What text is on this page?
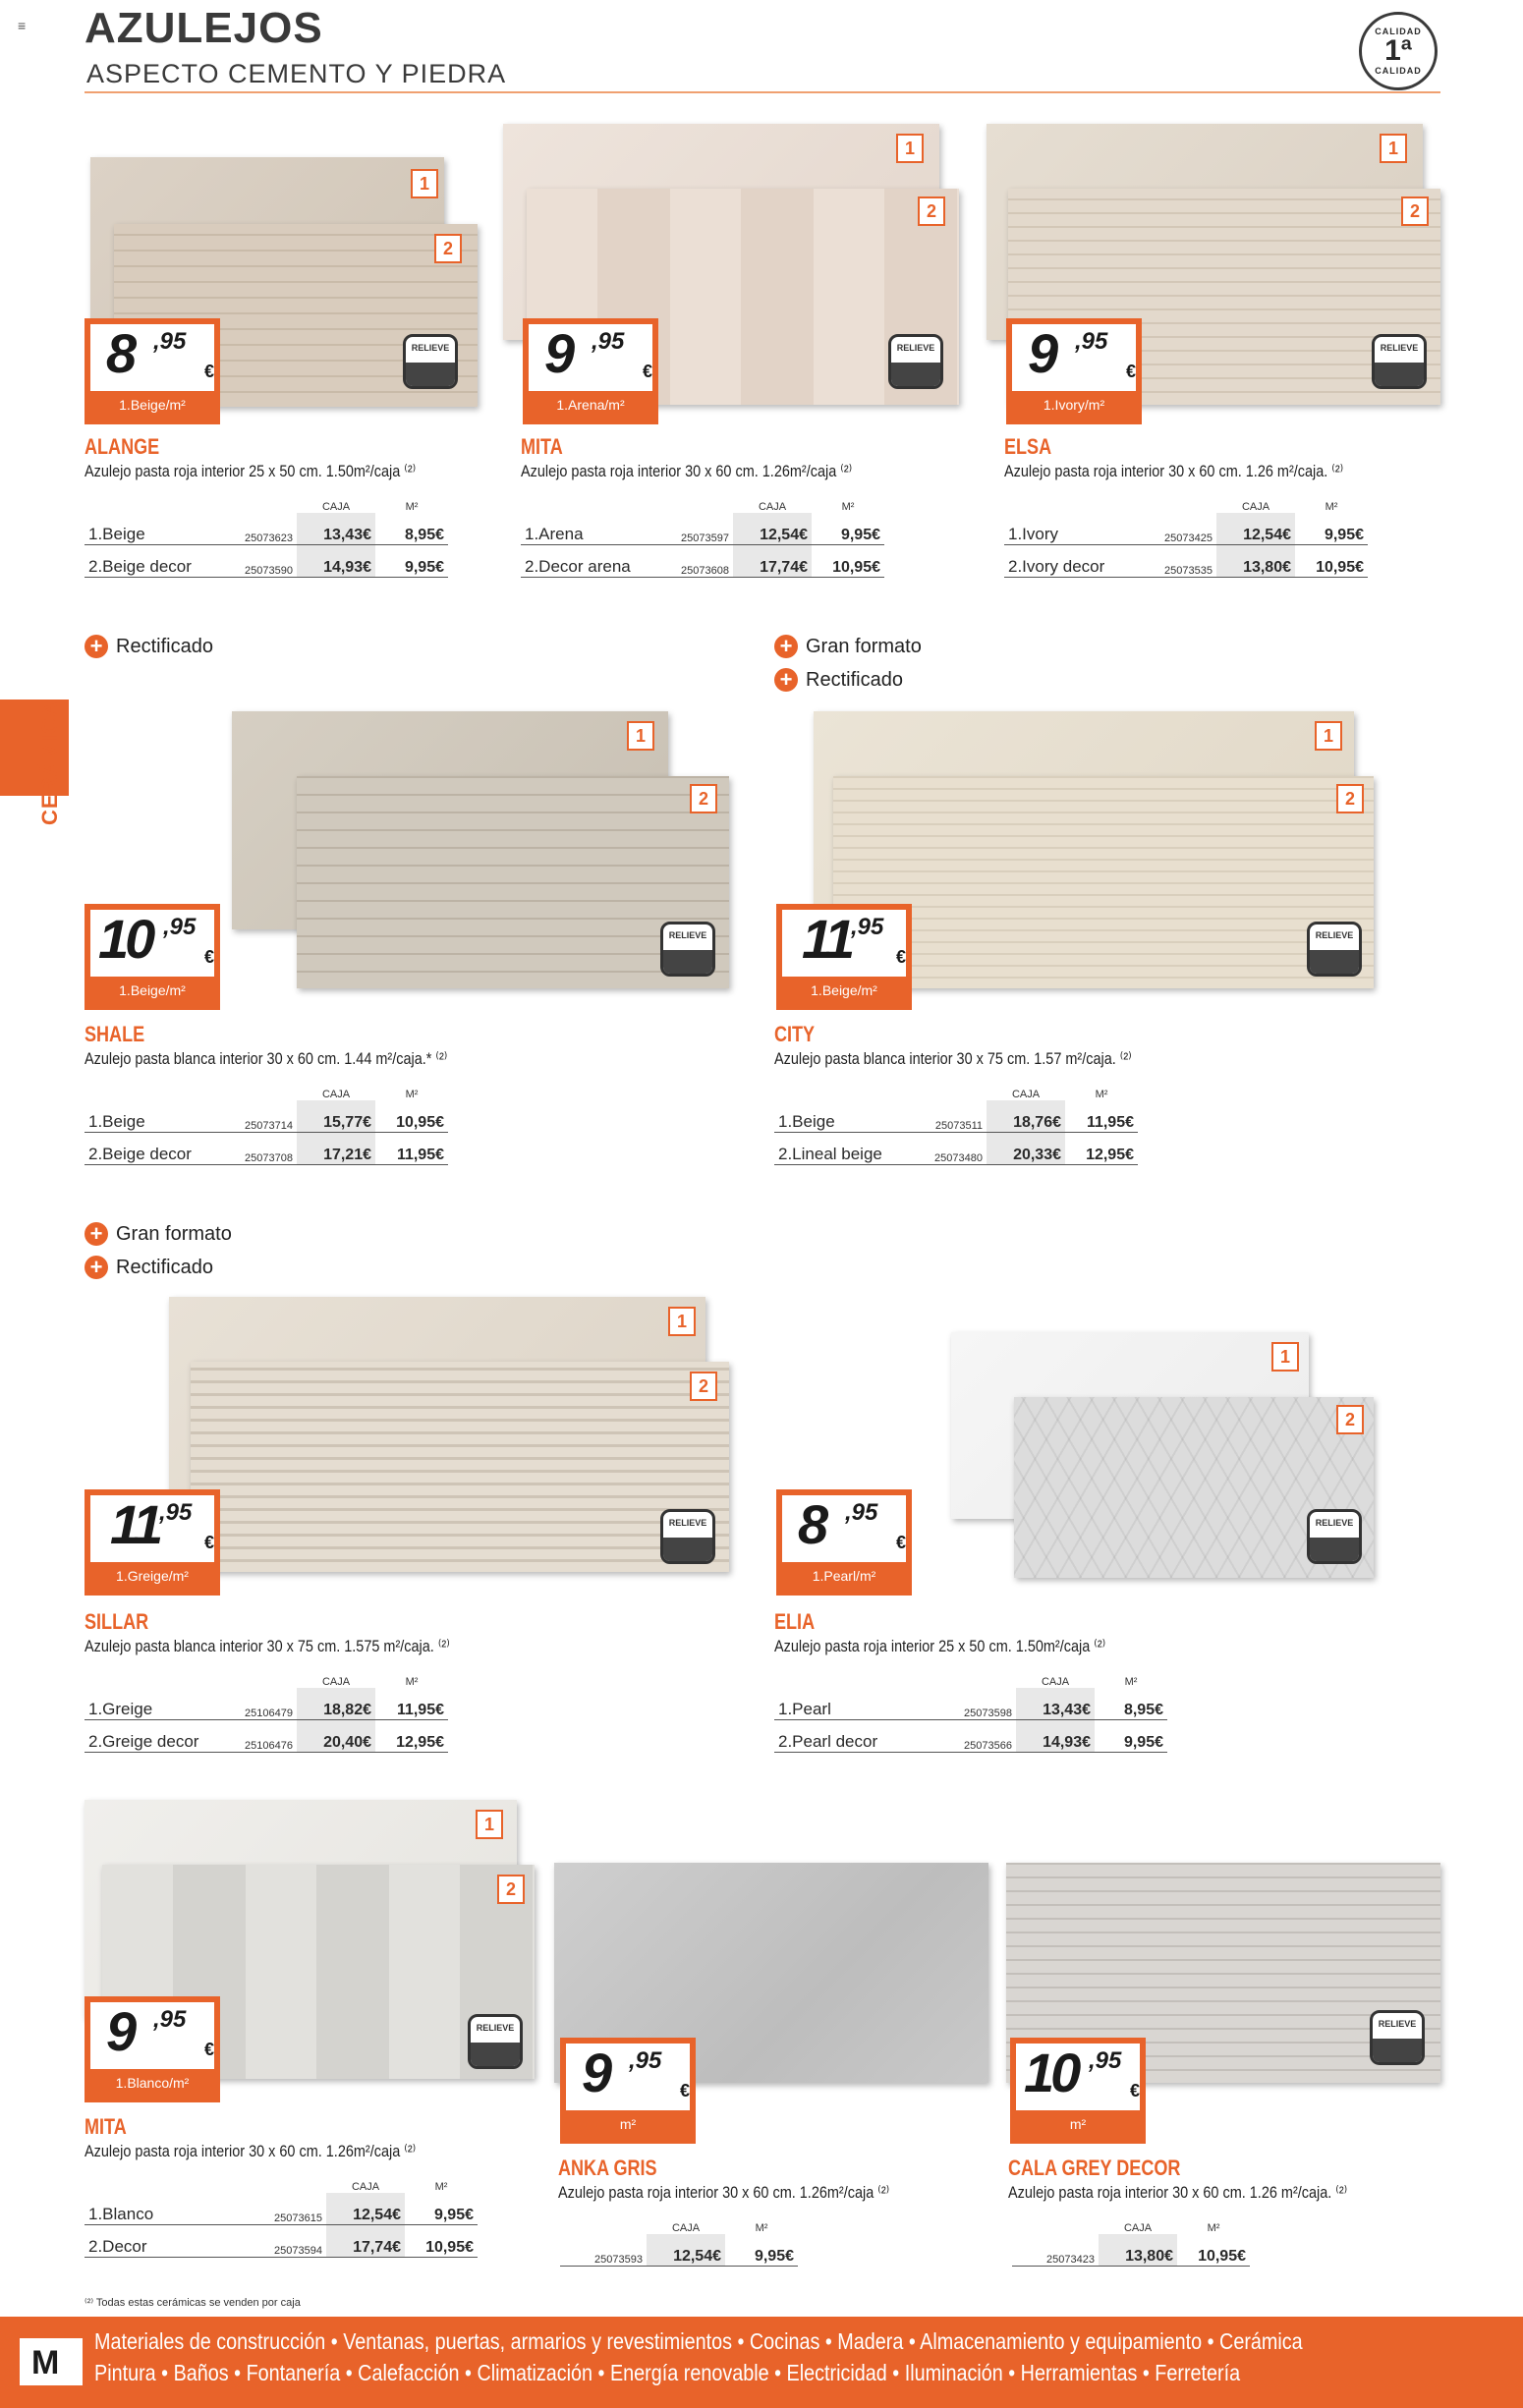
≡ AZULEJOS
ASPECTO CEMENTO Y PIEDRA
CALIDAD
1ª
CALIDAD
CERÁMICA
1
2
RELIEVE
8 ,95
€
1.Beige/m²
ALANGE
Azulejo pasta roja interior 25 x 50 cm. 1.50m²/caja ⁽²⁾
		CAJA	M²
1.Beige	25073623	13,43€	8,95€
2.Beige decor	25073590	14,93€	9,95€
1
2
RELIEVE
9 ,95
€
1.Arena/m²
MITA
Azulejo pasta roja interior 30 x 60 cm. 1.26m²/caja ⁽²⁾
		CAJA	M²
1.Arena	25073597	12,54€	9,95€
2.Decor arena	25073608	17,74€	10,95€
1
2
RELIEVE
9 ,95
€
1.Ivory/m²
ELSA
Azulejo pasta roja interior 30 x 60 cm. 1.26 m²/caja. ⁽²⁾
		CAJA	M²
1.Ivory	25073425	12,54€	9,95€
2.Ivory decor	25073535	13,80€	10,95€
+ Rectificado
1
2
RELIEVE
10 ,95
€
1.Beige/m²
SHALE
Azulejo pasta blanca interior 30 x 60 cm. 1.44 m²/caja.* ⁽²⁾
		CAJA	M²
1.Beige	25073714	15,77€	10,95€
2.Beige decor	25073708	17,21€	11,95€
+ Gran formato
+ Rectificado
1
2
RELIEVE
11 ,95
€
1.Beige/m²
CITY
Azulejo pasta blanca interior 30 x 75 cm. 1.57 m²/caja. ⁽²⁾
		CAJA	M²
1.Beige	25073511	18,76€	11,95€
2.Lineal beige	25073480	20,33€	12,95€
+ Gran formato
+ Rectificado
1
2
RELIEVE
11 ,95
€
1.Greige/m²
SILLAR
Azulejo pasta blanca interior 30 x 75 cm. 1.575 m²/caja. ⁽²⁾
		CAJA	M²
1.Greige	25106479	18,82€	11,95€
2.Greige decor	25106476	20,40€	12,95€
1
2
RELIEVE
8 ,95
€
1.Pearl/m²
ELIA
Azulejo pasta roja interior 25 x 50 cm. 1.50m²/caja ⁽²⁾
		CAJA	M²
1.Pearl	25073598	13,43€	8,95€
2.Pearl decor	25073566	14,93€	9,95€
1
2
RELIEVE
9 ,95
€
1.Blanco/m²
MITA
Azulejo pasta roja interior 30 x 60 cm. 1.26m²/caja ⁽²⁾
		CAJA	M²
1.Blanco	25073615	12,54€	9,95€
2.Decor	25073594	17,74€	10,95€
9 ,95
€
m²
ANKA GRIS
Azulejo pasta roja interior 30 x 60 cm. 1.26m²/caja ⁽²⁾
	CAJA	M²
25073593	12,54€	9,95€
RELIEVE
10 ,95
€
m²
CALA GREY DECOR
Azulejo pasta roja interior 30 x 60 cm. 1.26 m²/caja. ⁽²⁾
	CAJA	M²
25073423	13,80€	10,95€
⁽²⁾ Todas estas cerámicas se venden por caja
M
Materiales de construcción • Ventanas, puertas, armarios y revestimientos • Cocinas • Madera • Almacenamiento y equipamiento • Cerámica
Pintura • Baños • Fontanería • Calefacción • Climatización • Energía renovable • Electricidad • Iluminación • Herramientas • Ferretería
